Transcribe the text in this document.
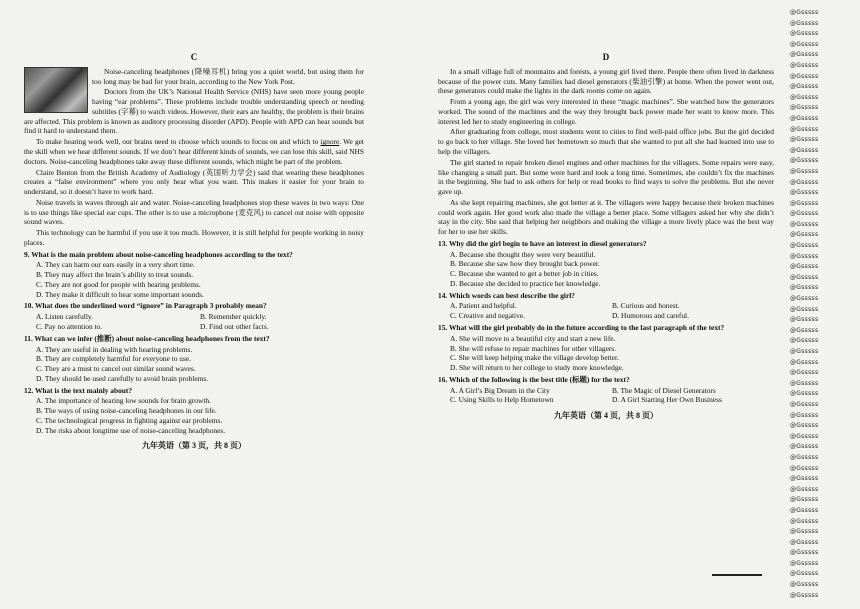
C

Noise-canceling headphones (降噪耳机) bring you a quiet world, but using them for too long may be bad for your brain, according to the New York Post.

Doctors from the UK’s National Health Service (NHS) have seen more young people having “ear problems”. These problems include trouble understanding speech or needing subtitles (字幕) to watch videos. However, their ears are healthy, the problem is their brains are affected. This problem is known as auditory processing disorder (APD). People with APD can hear sounds but find it hard to understand them.

To make hearing work well, our brains need to choose which sounds to focus on and which to ignore. We get the skill when we hear different sounds. If we don’t hear different kinds of sounds, we can lose this skill, said NHS doctors. Noise-canceling headphones take away these different sounds, which might be part of the problem.

Claire Benton from the British Academy of Audiology (英国听力学会) said that wearing these headphones creates a “false environment” where you only hear what you want. This makes it easier for your brain to understand, so it doesn’t have to work hard.

Noise travels in waves through air and water. Noise-canceling headphones stop these waves in two ways: One is to use things like special ear cups. The other is to use a microphone (麦克风) to cancel out noise with opposite sound waves.

This technology can be harmful if you use it too much. However, it is still helpful for people working in noisy places.

9. What is the main problem about noise-canceling headphones according to the text?

A. They can harm our ears easily in a very short time.

B. They may affect the brain’s ability to treat sounds.

C. They are not good for people with hearing problems.

D. They make it difficult to hear some important sounds.

10. What does the underlined word “ignore” in Paragraph 3 probably mean?

A. Listen carefully.	B. Remember quickly.
C. Pay no attention to.	D. Find out other facts.

11. What can we infer (推断) about noise-canceling headphones from the text?

A. They are useful in dealing with hearing problems.

B. They are completely harmful for everyone to use.

C. They are a must to cancel out similar sound waves.

D. They should be used carefully to avoid brain problems.

12. What is the text mainly about?

A. The importance of hearing low sounds for brain growth.

B. The ways of using noise-canceling headphones in our life.

C. The technological progress in fighting against ear problems.

D. The risks about longtime use of noise-canceling headphones.

九年英语（第 3 页，共 8 页）
D

In a small village full of mountains and forests, a young girl lived there. People there often lived in darkness because of the power cuts. Many families had diesel generators (柴油引擎) at home. When the power went out, these generators could make the lights in the dark rooms come on again.

From a young age, the girl was very interested in these “magic machines”. She watched how the generators worked. The sound of the machines and the way they brought back power made her want to know more. This interest led her to study engineering in college.

After graduating from college, most students went to cities to find well-paid office jobs. But the girl decided to go back to her village. She loved her hometown so much that she wanted to put all she had learned into use to help the villagers.

The girl started to repair broken diesel engines and other machines for the villagers. Some repairs were easy, like changing a small part. But some were hard and took a long time. Sometimes, she couldn’t fix the machines in the beginning. She had to ask others for help or read books to find ways to solve the problems. But she never gave up.

As she kept repairing machines, she got better at it. The villagers were happy because their broken machines could work again. Her good work also made the village a better place. Some villagers asked her why she didn’t stay in the city. She said that helping her neighbors and making the village a more lively place was the best way for her to use her skills.

13. Why did the girl begin to have an interest in diesel generators?

A. Because she thought they were very beautiful.

B. Because she saw how they brought back power.

C. Because she wanted to get a better job in cities.

D. Because she decided to practice her knowledge.

14. Which words can best describe the girl?

A. Patient and helpful.	B. Curious and honest.
C. Creative and negative.	D. Humorous and careful.

15. What will the girl probably do in the future according to the last paragraph of the text?

A. She will move to a beautiful city and start a new life.

B. She will refuse to repair machines for other villagers.

C. She will keep helping make the village develop better.

D. She will return to her college to study more knowledge.

16. Which of the following is the best title (标题) for the text?

A. A Girl’s Big Dream in the City	B. The Magic of Diesel Generators
C. Using Skills to Help Hometown	D. A Girl Starting Her Own Business
九年英语（第 4 页，共 8 页）
@Gsssss
@Gsssss
@Gsssss
@Gsssss
@Gsssss
@Gsssss
@Gsssss
@Gsssss
@Gsssss
@Gsssss
@Gsssss
@Gsssss
@Gsssss
@Gsssss
@Gsssss
@Gsssss
@Gsssss
@Gsssss
@Gsssss
@Gsssss
@Gsssss
@Gsssss
@Gsssss
@Gsssss
@Gsssss
@Gsssss
@Gsssss
@Gsssss
@Gsssss
@Gsssss
@Gsssss
@Gsssss
@Gsssss
@Gsssss
@Gsssss
@Gsssss
@Gsssss
@Gsssss
@Gsssss
@Gsssss
@Gsssss
@Gsssss
@Gsssss
@Gsssss
@Gsssss
@Gsssss
@Gsssss
@Gsssss
@Gsssss
@Gsssss
@Gsssss
@Gsssss
@Gsssss
@Gsssss
@Gsssss
@Gsssss
